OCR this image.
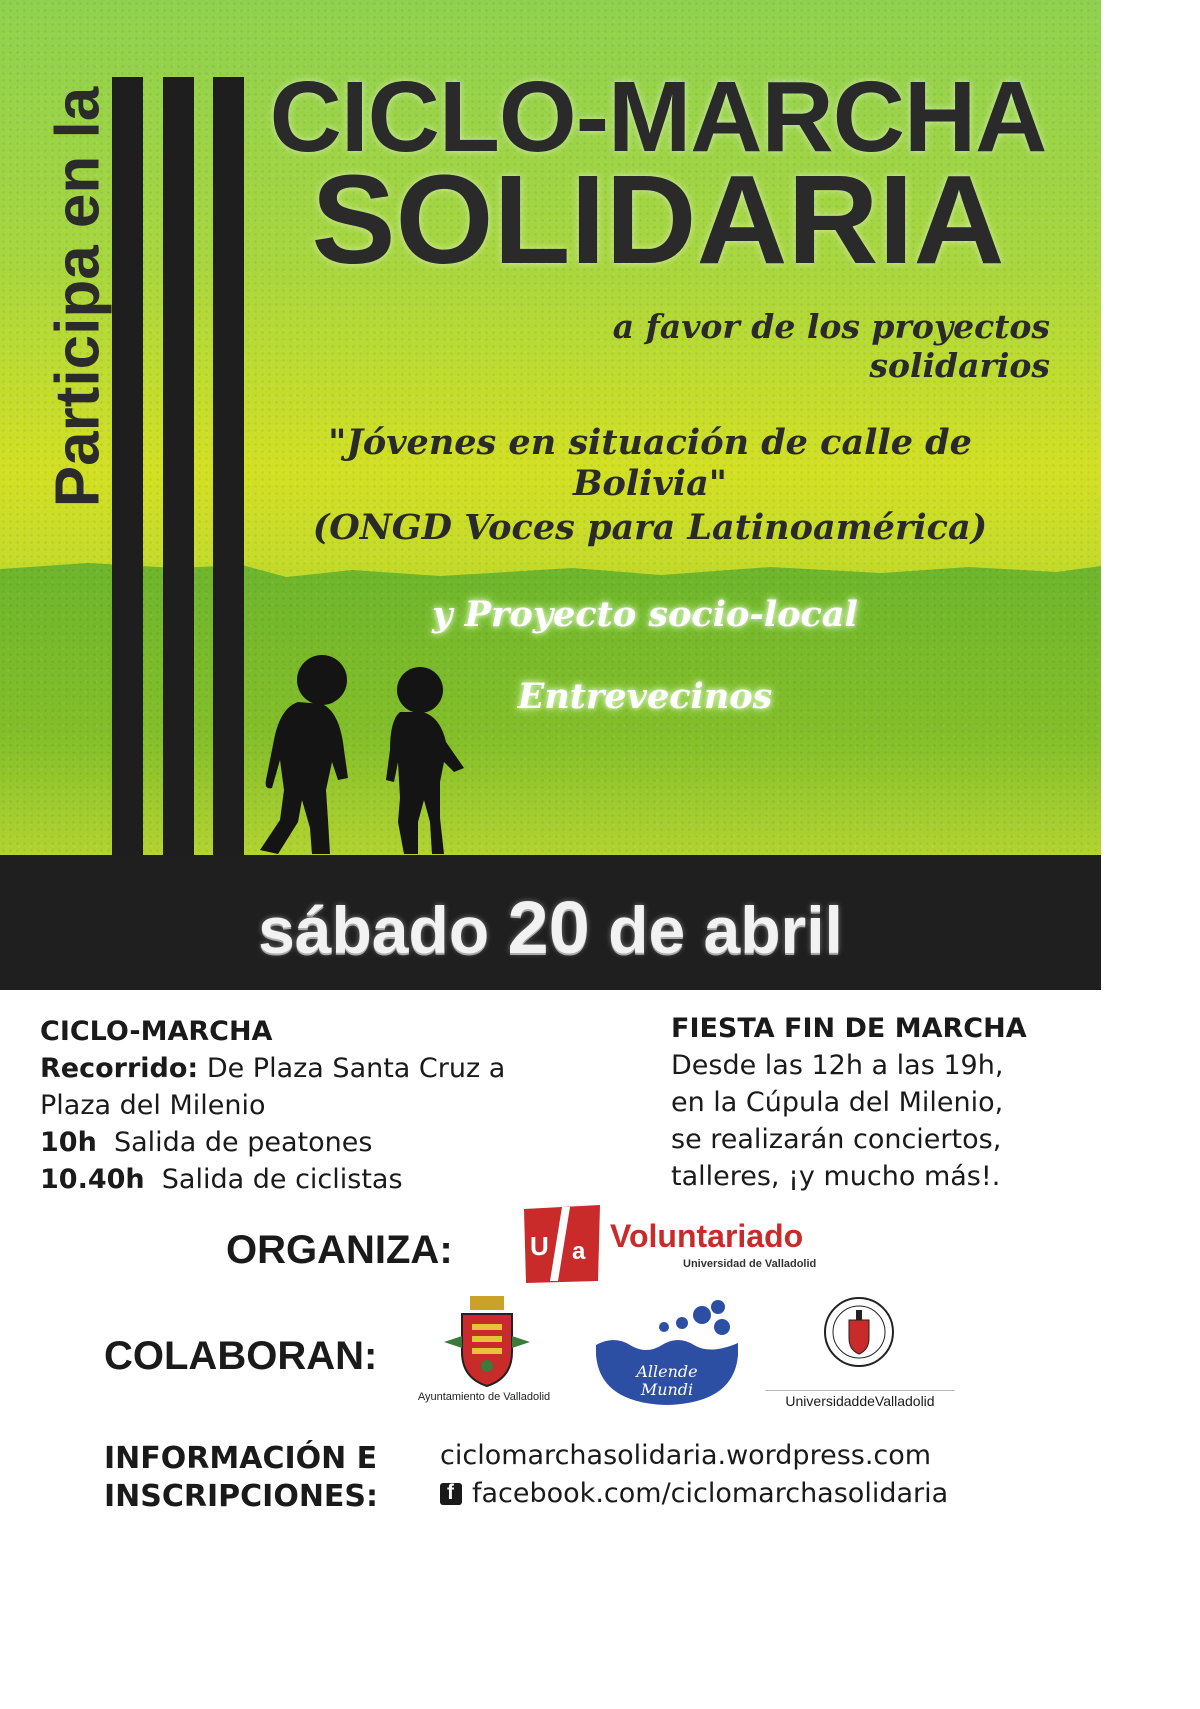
Participa en la CICLO-MARCHA
SOLIDARIA
a favor de los proyectos solidarios
"Jóvenes en situación de calle de Bolivia"
(ONGD Voces para Latinoamérica)
y Proyecto socio-local
Entrevecinos
sábado 20 de abril
CICLO-MARCHA
Recorrido: De Plaza Santa Cruz a
Plaza del Milenio
10h Salida de peatones
10.40h Salida de ciclistas
FIESTA FIN DE MARCHA
Desde las 12h a las 19h,
en la Cúpula del Milenio,
se realizarán conciertos,
talleres, ¡y mucho más!.
ORGANIZA:	U a Voluntariado
Universidad de Valladolid
COLABORAN:
Ayuntamiento de Valladolid
Allende
Mundi
UniversidaddeValladolid
INFORMACIÓN E
INSCRIPCIONES:
ciclomarchasolidaria.wordpress.com
f facebook.com/ciclomarchasolidaria
